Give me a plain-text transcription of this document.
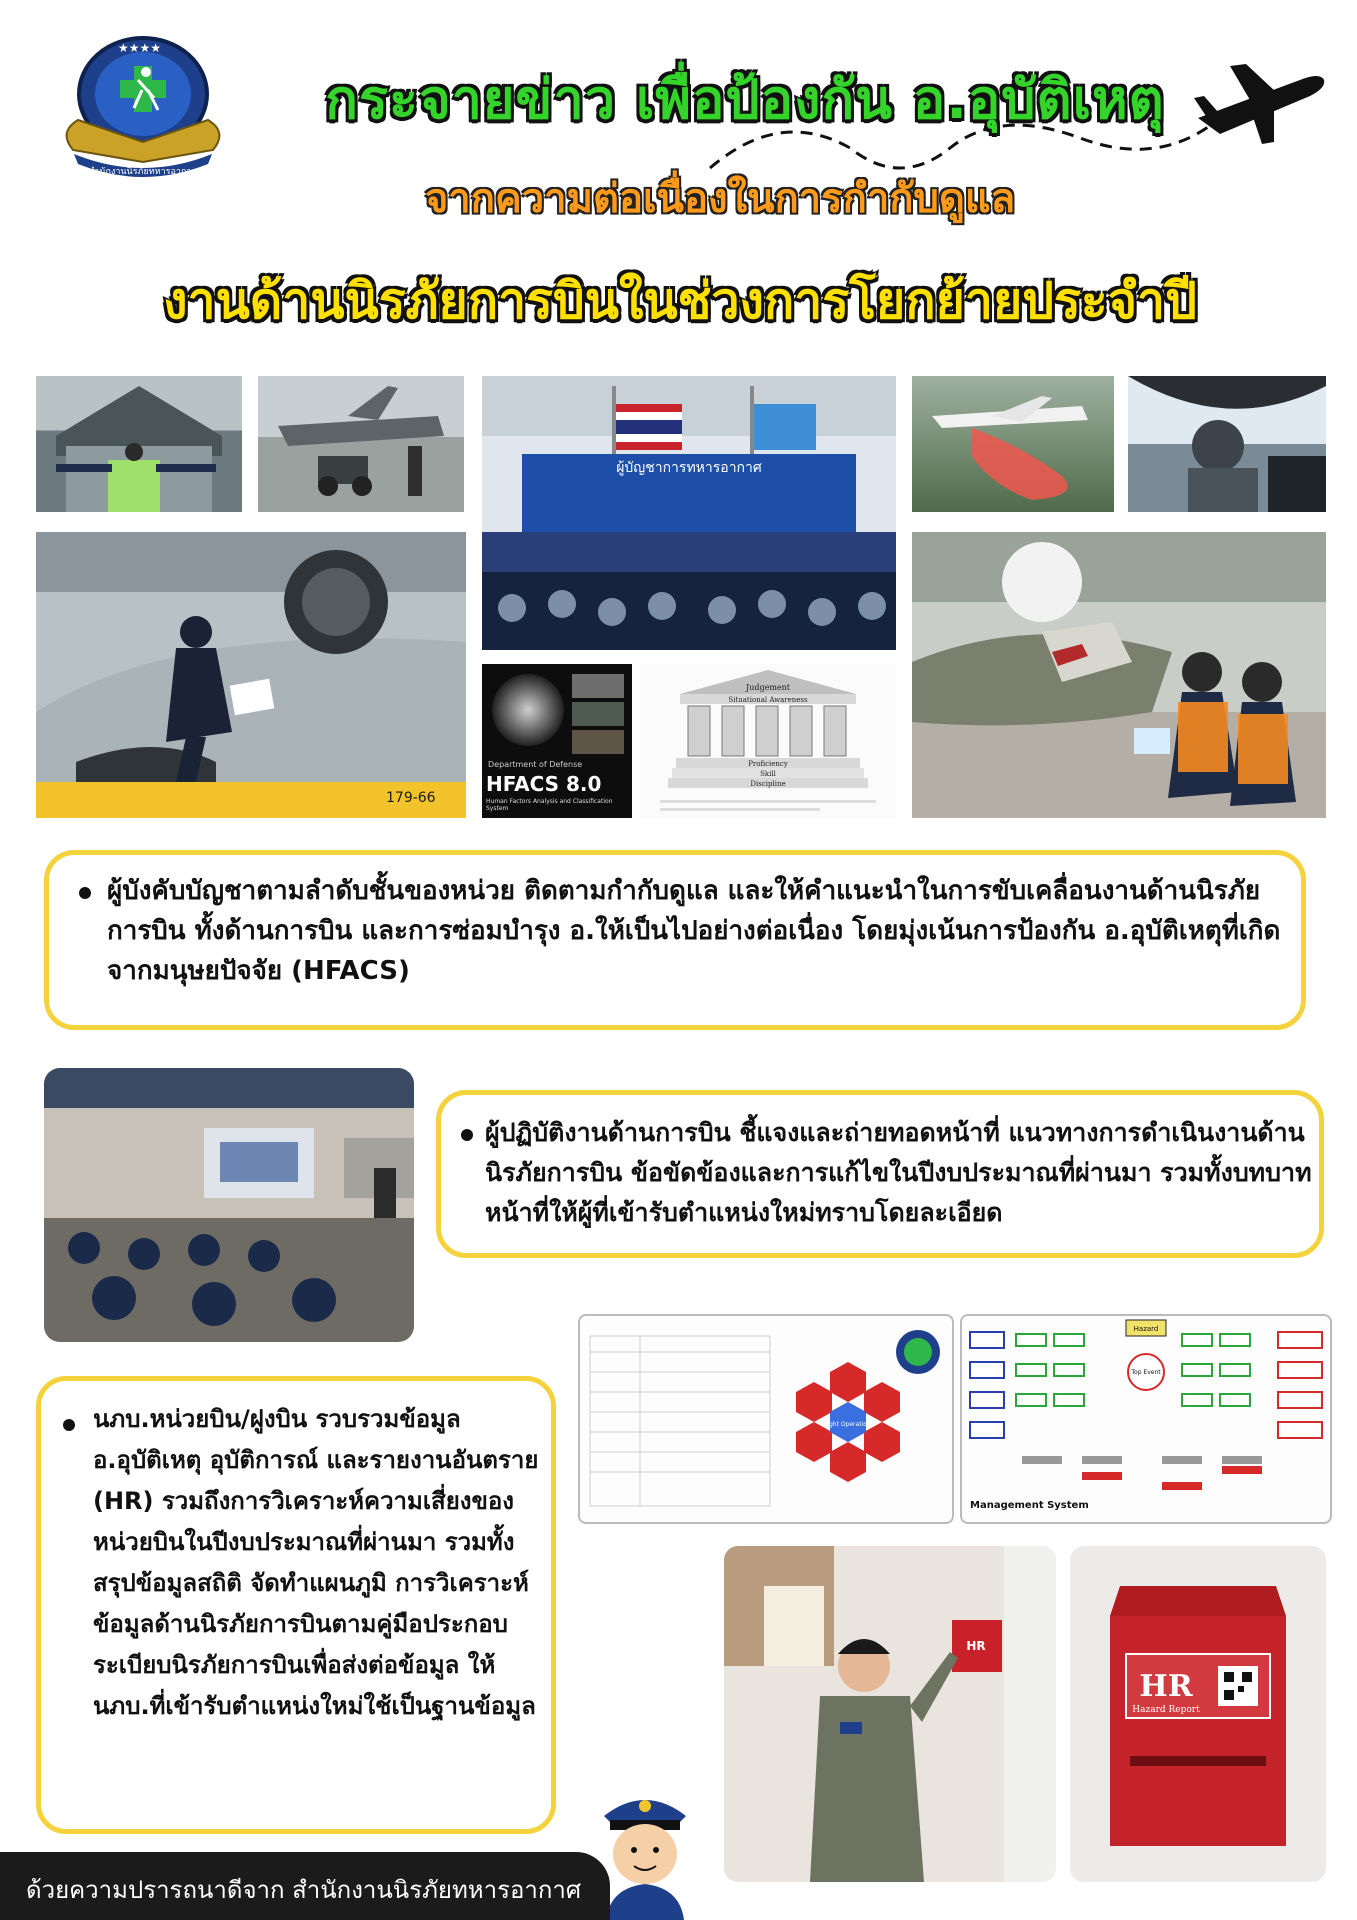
★★★★
สำนักงานนิรภัยทหารอากาศ
กระจายข่าว เพื่อป้องกัน อ.อุบัติเหตุ
จากความต่อเนื่องในการกำกับดูแล
งานด้านนิรภัยการบินในช่วงการโยกย้ายประจำปี
179-66
ผู้บัญชาการทหารอากาศ
Department of Defense
HFACS 8.0
Human Factors Analysis and Classification System
Judgement
Situational Awareness
Proficiency
Skill
Discipline

ผู้บังคับบัญชาตามลำดับชั้นของหน่วย ติดตามกำกับดูแล และให้คำแนะนำในการขับเคลื่อนงานด้านนิรภัยการบิน ทั้งด้านการบิน และการซ่อมบำรุง อ.ให้เป็นไปอย่างต่อเนื่อง โดยมุ่งเน้นการป้องกัน อ.อุบัติเหตุที่เกิดจากมนุษยปัจจัย (HFACS)

ผู้ปฏิบัติงานด้านการบิน ชี้แจงและถ่ายทอดหน้าที่ แนวทางการดำเนินงานด้านนิรภัยการบิน ข้อขัดข้องและการแก้ไขในปีงบประมาณที่ผ่านมา รวมทั้งบทบาทหน้าที่ให้ผู้ที่เข้ารับตำแหน่งใหม่ทราบโดยละเอียด

Flight Operations
Hazard
Top Event
Management System

นภบ.หน่วยบิน/ฝูงบิน รวบรวมข้อมูล อ.อุบัติเหตุ อุบัติการณ์ และรายงานอันตราย (HR) รวมถึงการวิเคราะห์ความเสี่ยงของหน่วยบินในปีงบประมาณที่ผ่านมา รวมทั้งสรุปข้อมูลสถิติ จัดทำแผนภูมิ การวิเคราะห์ข้อมูลด้านนิรภัยการบินตามคู่มือประกอบระเบียบนิรภัยการบินเพื่อส่งต่อข้อมูล ให้ นภบ.ที่เข้ารับตำแหน่งใหม่ใช้เป็นฐานข้อมูล

HR
HR
Hazard Report
ด้วยความปรารถนาดีจาก สำนักงานนิรภัยทหารอากาศ
